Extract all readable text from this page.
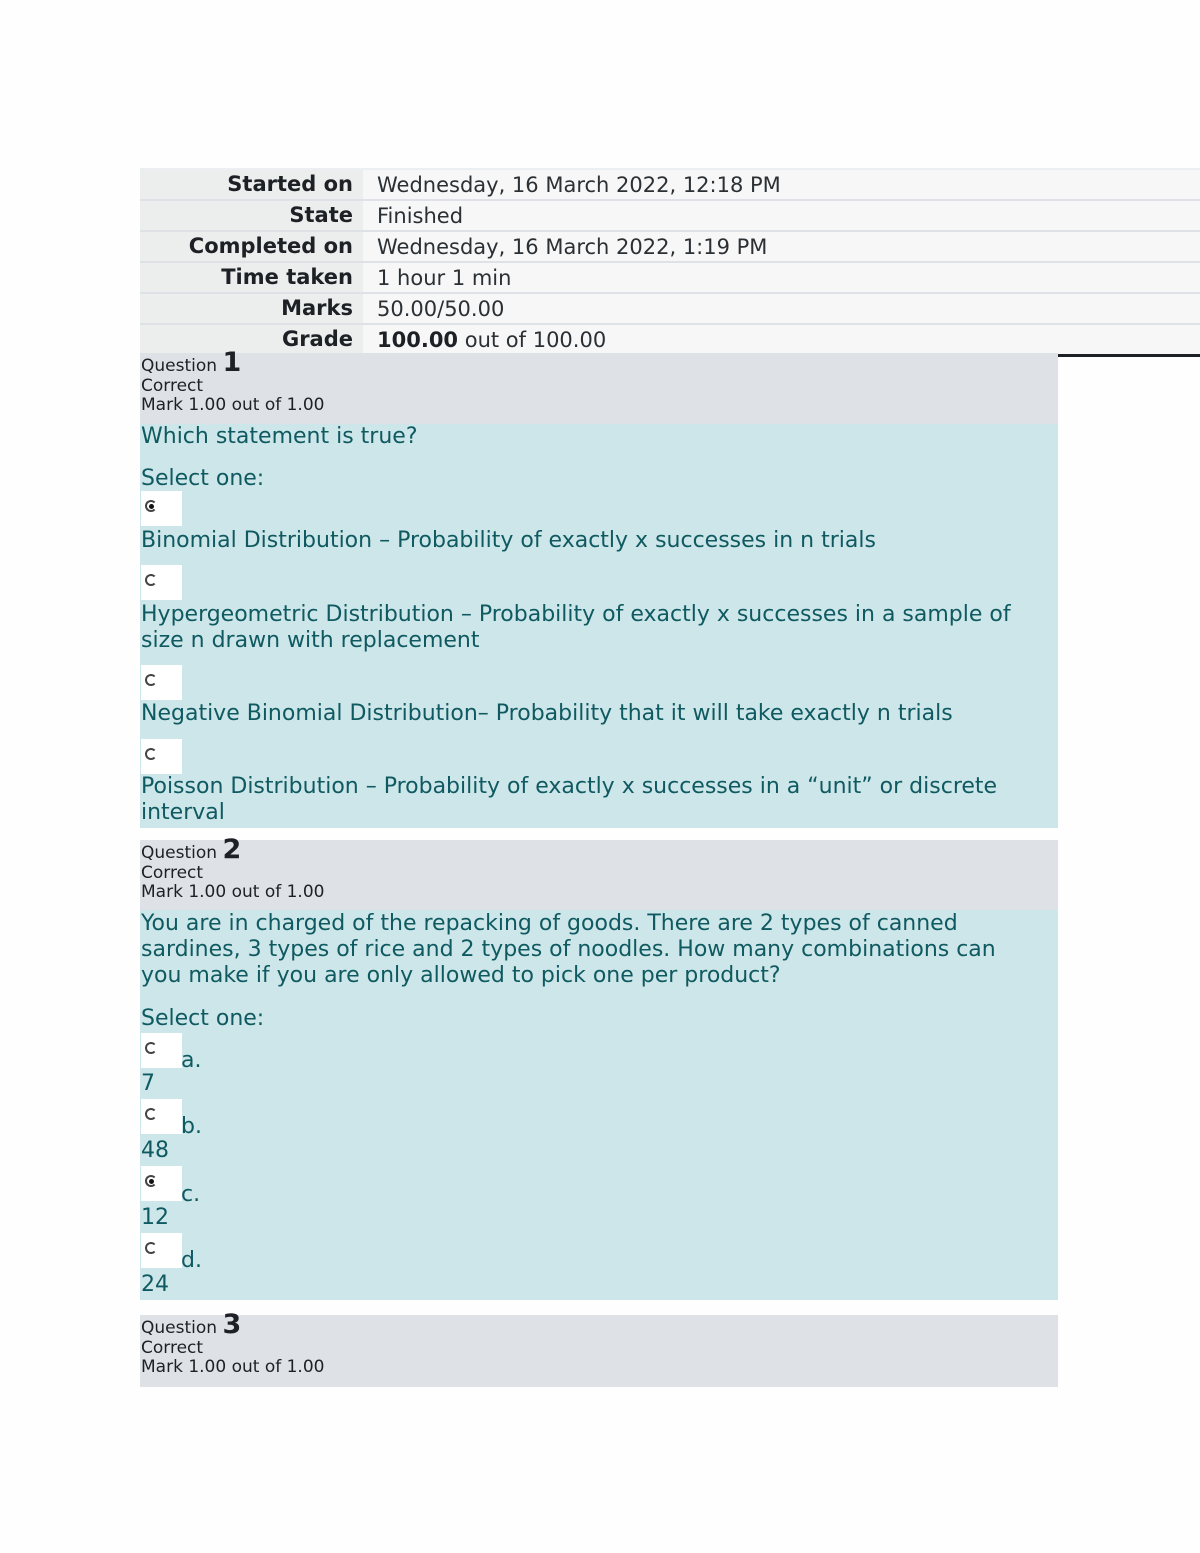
Started on	Wednesday, 16 March 2022, 12:18 PM
State	Finished
Completed on	Wednesday, 16 March 2022, 1:19 PM
Time taken	1 hour 1 min
Marks	50.00/50.00
Grade	100.00 out of 100.00
Question 1
Correct
Mark 1.00 out of 1.00
Which statement is true?
Select one:
Binomial Distribution – Probability of exactly x successes in n trials
Hypergeometric Distribution – Probability of exactly x successes in a sample of size n drawn with replacement
Negative Binomial Distribution– Probability that it will take exactly n trials
Poisson Distribution – Probability of exactly x successes in a “unit” or discrete interval
Question 2
Correct
Mark 1.00 out of 1.00
You are in charged of the repacking of goods. There are 2 types of canned sardines, 3 types of rice and 2 types of noodles. How many combinations can you make if you are only allowed to pick one per product?
Select one:
a.
7
b.
48
c.
12
d.
24
Question 3
Correct
Mark 1.00 out of 1.00
